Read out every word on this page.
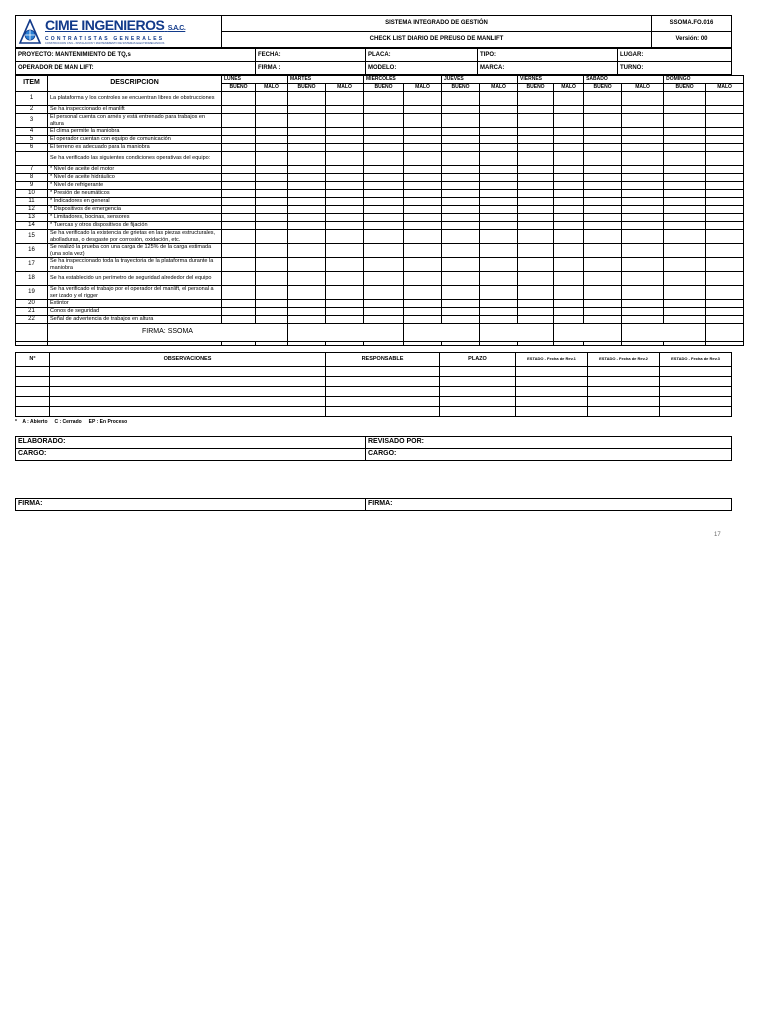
CIME INGENIEROS S.A.C.
CONTRATISTAS GENERALES
CONSTRUCCION CIVIL - INSTALACION Y MANTENIMIENTO DE SISTEMAS ELECTROMECANICOS	SISTEMA INTEGRADO DE GESTIÓN	SSOMA.FO.016
	CHECK LIST DIARIO DE PREUSO DE MANLIFT	Versión: 00
PROYECTO: MANTENIMIENTO DE TQ,s	FECHA:	PLACA:	TIPO:	LUGAR:
OPERADOR DE MAN LIFT:	FIRMA :	MODELO:	MARCA:	TURNO:
ITEM	DESCRIPCION	LUNES		MARTES		MIERCOLES		JUEVES		VIERNES		SABADO		DOMINGO	
		BUENO	MALO	BUENO	MALO	BUENO	MALO	BUENO	MALO	BUENO	MALO	BUENO	MALO	BUENO	MALO
1	La plataforma y los controles se encuentran libres de obstrucciones														
2	Se ha inspeccionado el manlift														
3	El personal cuenta con arnés y está entrenado para trabajos en altura														
4	El clima permite la maniobra														
5	El operador cuentan con equipo de comunicación														
6	El terreno es adecuado para la maniobra														
	Se ha verificado las siguientes condiciones operativas del equipo:														
7	* Nivel de aceite del motor														
8	* Nivel de aceite hidráulico														
9	* Nivel de refrigerante														
10	* Presión de neumáticos														
11	* Indicadores en general														
12	* Dispositivos de emergencia														
13	* Limitadores, bocinas, sensores														
14	* Tuercas y otros dispositivos de fijación														
15	Se ha verificado la existencia de grietas en las piezas estructurales, abolladuras, o desgaste por corrosión, oxidación, etc.														
16	Se realizó la prueba con una carga de 125% de la carga estimada (una sola vez)														
17	Se ha inspeccionado toda la trayectoria de la plataforma durante la maniobra														
18	Se ha establecido un perímetro de seguridad alrededor del equipo														
19	Se ha verificado el trabajo por el operador del manlift, el personal a ser izado y el rigger														
20	Extintor														
21	Conos de seguridad														
22	Señal de advertencia de trabajos en altura														
	FIRMA: SSOMA														

N°	OBSERVACIONES	RESPONSABLE	PLAZO	ESTADO - Fecha de Rev.1	ESTADO - Fecha de Rev.2	ESTADO - Fecha de Rev.3

* A : Abierto C : Cerrado EP : En Proceso
ELABORADO:	REVISADO POR:
CARGO:	CARGO:
FIRMA:	FIRMA:
17
